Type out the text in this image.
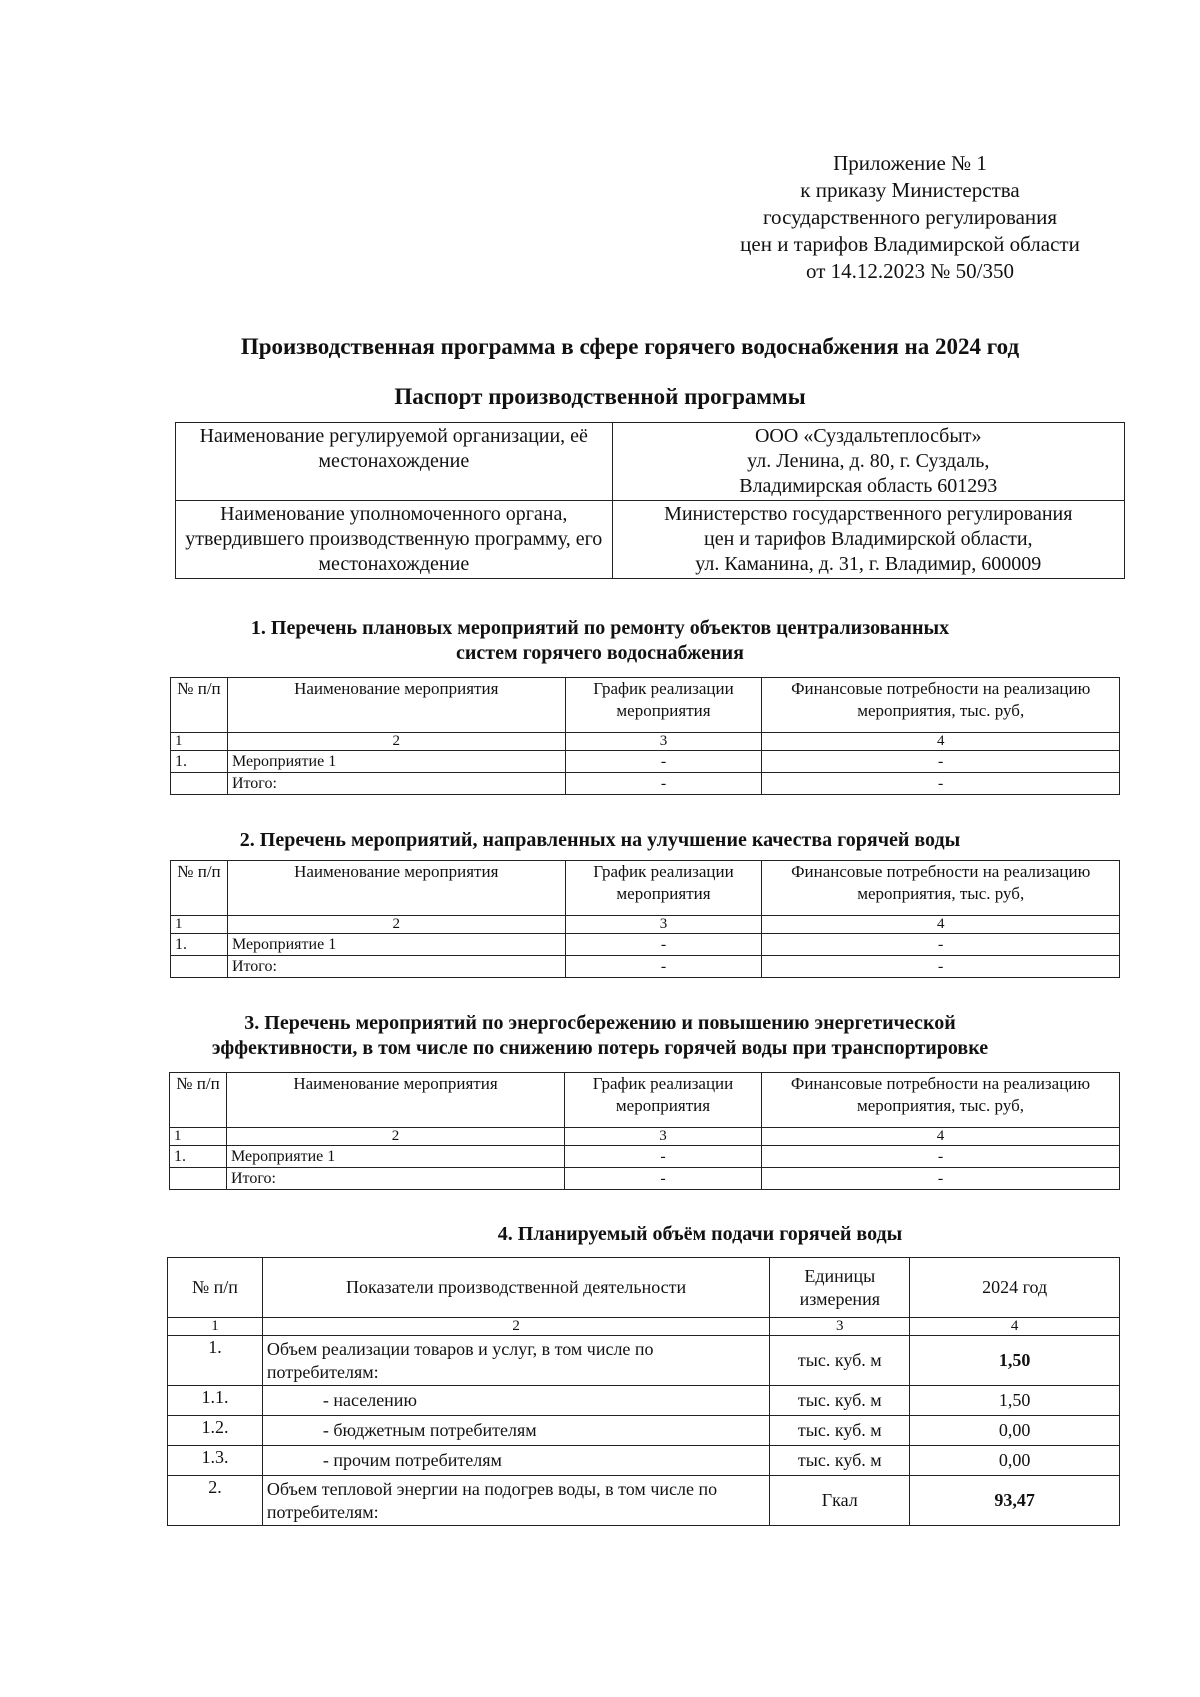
Приложение № 1
к приказу Министерства
государственного регулирования
цен и тарифов Владимирской области
от 14.12.2023 № 50/350
Производственная программа в сфере горячего водоснабжения на 2024 год
Паспорт производственной программы
Наименование регулируемой организации, её местонахождение	ООО «Суздальтеплосбыт»
ул. Ленина, д. 80, г. Суздаль,
Владимирская область 601293

Наименование уполномоченного органа, утвердившего производственную программу, его местонахождение	Министерство государственного регулирования
цен и тарифов Владимирской области,
ул. Каманина, д. 31, г. Владимир, 600009
1. Перечень плановых мероприятий по ремонту объектов централизованных
систем горячего водоснабжения
№ п/п	Наименование мероприятия	График реализации мероприятия	Финансовые потребности на реализацию мероприятия, тыс. руб,
1	2	3	4
1.	Мероприятие 1	-	-
	Итого:	-	-
2. Перечень мероприятий, направленных на улучшение качества горячей воды
№ п/п	Наименование мероприятия	График реализации мероприятия	Финансовые потребности на реализацию мероприятия, тыс. руб,
1	2	3	4
1.	Мероприятие 1	-	-
	Итого:	-	-
3. Перечень мероприятий по энергосбережению и повышению энергетической
эффективности, в том числе по снижению потерь горячей воды при транспортировке
№ п/п	Наименование мероприятия	График реализации мероприятия	Финансовые потребности на реализацию мероприятия, тыс. руб,
1	2	3	4
1.	Мероприятие 1	-	-
	Итого:	-	-
4. Планируемый объём подачи горячей воды
№ п/п	Показатели производственной деятельности	Единицы измерения	2024 год
1	2	3	4
1.	Объем реализации товаров и услуг, в том числе по потребителям:	тыс. куб. м	1,50
1.1.	- населению	тыс. куб. м	1,50
1.2.	- бюджетным потребителям	тыс. куб. м	0,00
1.3.	- прочим потребителям	тыс. куб. м	0,00
2.	Объем тепловой энергии на подогрев воды, в том числе по потребителям:	Гкал	93,47
